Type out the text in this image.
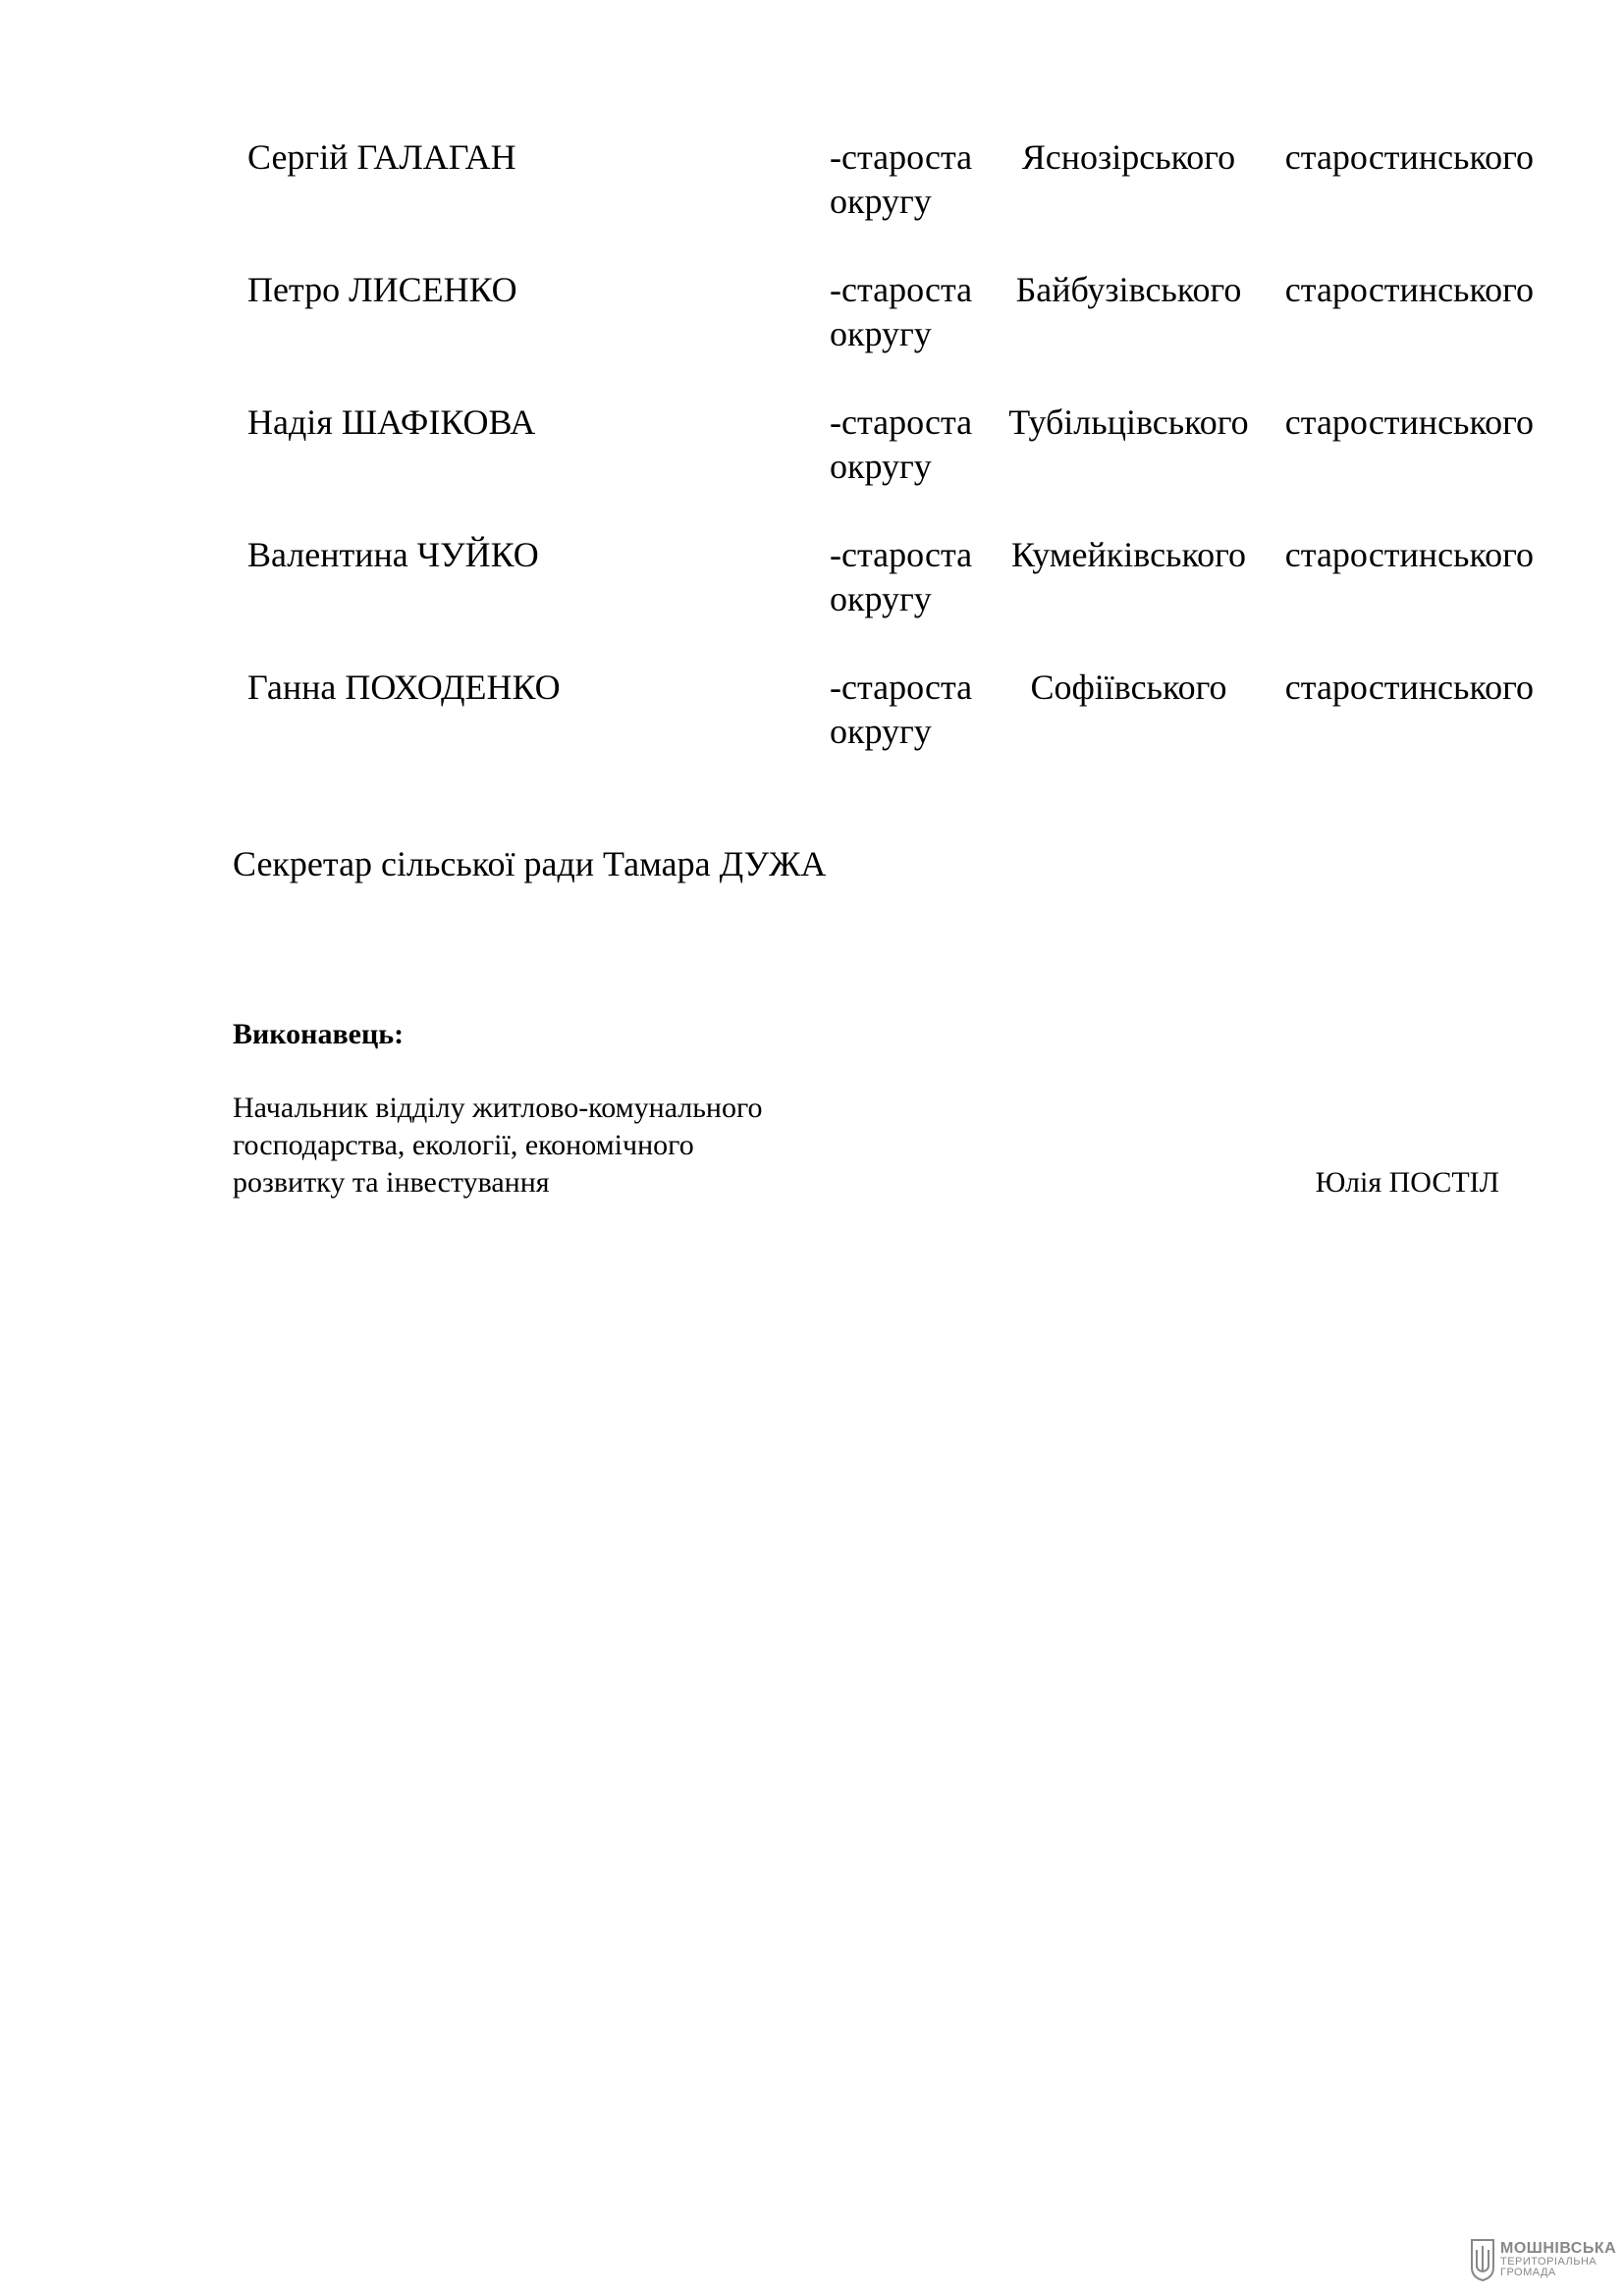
Сергій ГАЛАГАН	-староста Яснозірського старостинського округу
Петро ЛИСЕНКО	-староста Байбузівського старостинського округу
Надія ШАФІКОВА	-староста Тубільцівського старостинського округу
Валентина ЧУЙКО	-староста Кумейківського старостинського округу
Ганна ПОХОДЕНКО	-староста Софіївського старостинського округу
Секретар сільської ради Тамара ДУЖА
Виконавець:
Начальник відділу житлово-комунального
господарства, екології, економічного
розвитку та інвестування	Юлія ПОСТІЛ
МОШНІВСЬКА
ТЕРИТОРІАЛЬНА
ГРОМАДА
